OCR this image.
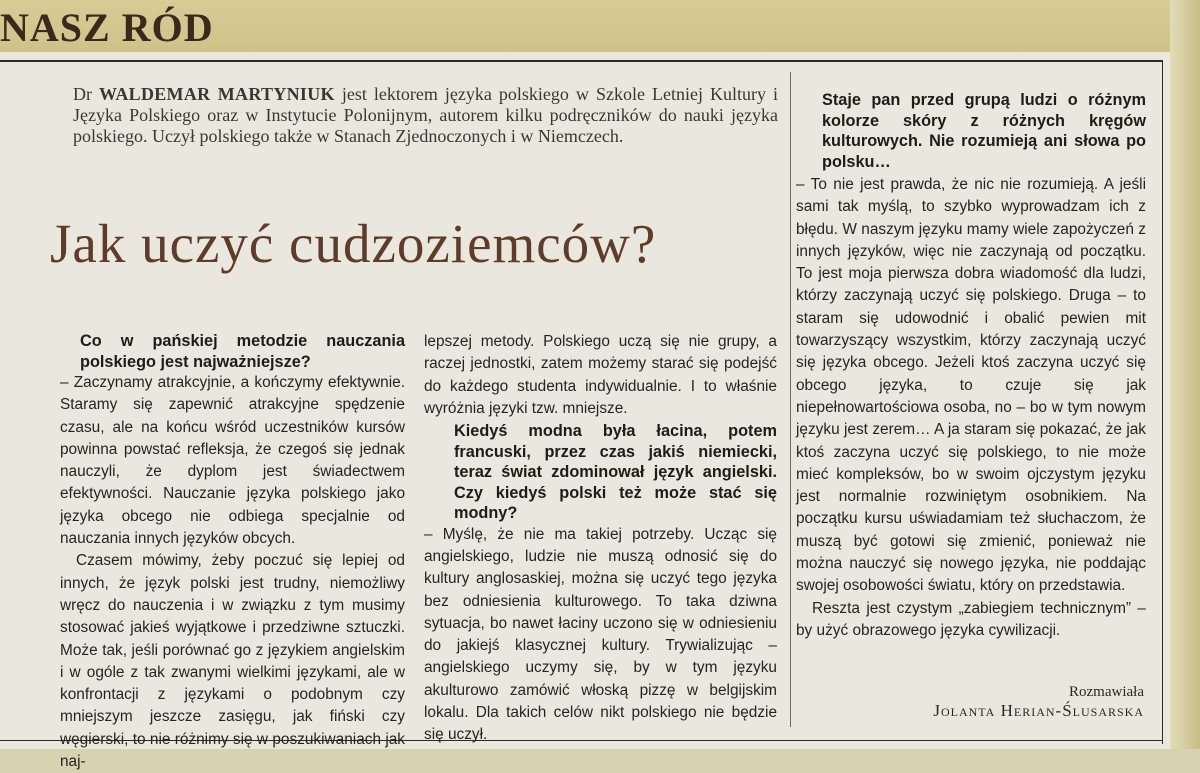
NASZ RÓD

Dr WALDEMAR MARTYNIUK jest lektorem języka polskiego w Szkole Letniej Kultury i Języka Polskiego oraz w Instytucie Polonijnym, autorem kilku podręczników do nauki języka polskiego. Uczył polskiego także w Stanach Zjednoczonych i w Niemczech.

Jak uczyć cudzoziemców?

Co w pańskiej metodzie nauczania polskiego jest najważniejsze?

– Zaczynamy atrakcyjnie, a kończymy efektywnie. Staramy się zapewnić atrakcyjne spędzenie czasu, ale na końcu wśród uczestników kursów powinna powstać refleksja, że czegoś się jednak nauczyli, że dyplom jest świadectwem efektywności. Nauczanie języka polskiego jako języka obcego nie odbiega specjalnie od nauczania innych języków obcych.

Czasem mówimy, żeby poczuć się lepiej od innych, że język polski jest trudny, niemożliwy wręcz do nauczenia i w związku z tym musimy stosować jakieś wyjątkowe i przedziwne sztuczki. Może tak, jeśli porównać go z językiem angielskim i w ogóle z tak zwanymi wielkimi językami, ale w konfrontacji z językami o podobnym czy mniejszym jeszcze zasięgu, jak fiński czy węgierski, to nie różnimy się w poszukiwaniach jak naj-

lepszej metody. Polskiego uczą się nie grupy, a raczej jednostki, zatem możemy starać się podejść do każdego studenta indywidualnie. I to właśnie wyróżnia języki tzw. mniejsze.

Kiedyś modna była łacina, potem francuski, przez czas jakiś niemiecki, teraz świat zdominował język angielski. Czy kiedyś polski też może stać się modny?

– Myślę, że nie ma takiej potrzeby. Ucząc się angielskiego, ludzie nie muszą odnosić się do kultury anglosaskiej, można się uczyć tego języka bez odniesienia kulturowego. To taka dziwna sytuacja, bo nawet łaciny uczono się w odniesieniu do jakiejś klasycznej kultury. Trywializując – angielskiego uczymy się, by w tym języku akulturowo zamówić włoską pizzę w belgijskim lokalu. Dla takich celów nikt polskiego nie będzie się uczył.

Staje pan przed grupą ludzi o różnym kolorze skóry z różnych kręgów kulturowych. Nie rozumieją ani słowa po polsku…

– To nie jest prawda, że nic nie rozumieją. A jeśli sami tak myślą, to szybko wyprowadzam ich z błędu. W naszym języku mamy wiele zapożyczeń z innych języków, więc nie zaczynają od początku. To jest moja pierwsza dobra wiadomość dla ludzi, którzy zaczynają uczyć się polskiego. Druga – to staram się udowodnić i obalić pewien mit towarzyszący wszystkim, którzy zaczynają uczyć się języka obcego. Jeżeli ktoś zaczyna uczyć się obcego języka, to czuje się jak niepełnowartościowa osoba, no – bo w tym nowym języku jest zerem… A ja staram się pokazać, że jak ktoś zaczyna uczyć się polskiego, to nie może mieć kompleksów, bo w swoim ojczystym języku jest normalnie rozwiniętym osobnikiem. Na początku kursu uświadamiam też słuchaczom, że muszą być gotowi się zmienić, ponieważ nie można nauczyć się nowego języka, nie poddając swojej osobowości światu, który on przedstawia.

Reszta jest czystym „zabiegiem technicznym” – by użyć obrazowego języka cywilizacji.

Rozmawiała
Jolanta Herian-Ślusarska
